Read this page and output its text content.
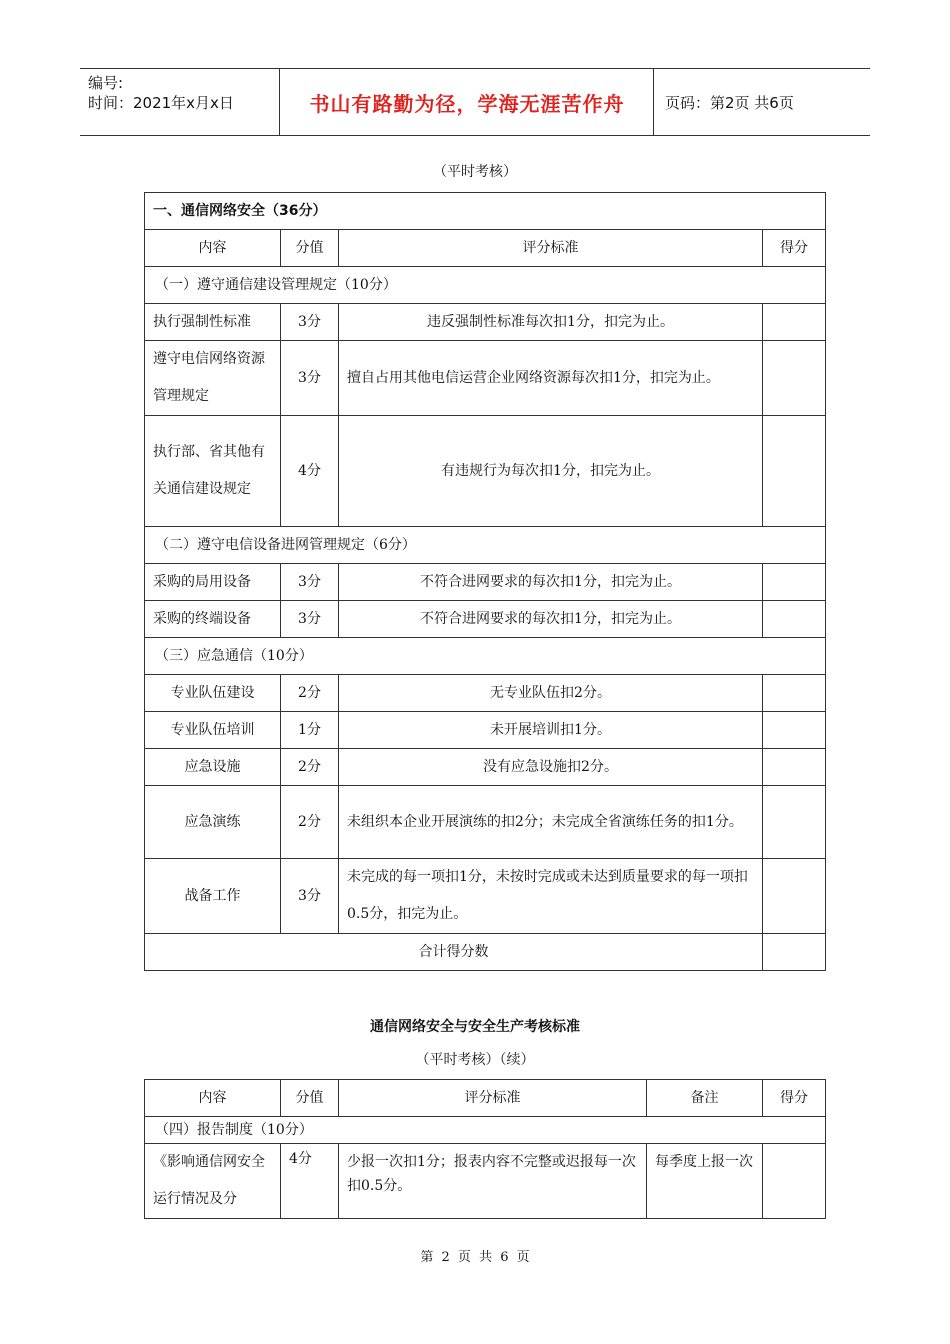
编号:
时间：2021年x月x日	书山有路勤为径，学海无涯苦作舟	页码：第2页 共6页
（平时考核）
一、通信网络安全（36分）			
内容	分值	评分标准	得分
（一）遵守通信建设管理规定（10分）			
执行强制性标准	3分	违反强制性标准每次扣1分，扣完为止。	
遵守电信网络资源管理规定	3分	擅自占用其他电信运营企业网络资源每次扣1分，扣完为止。	
执行部、省其他有关通信建设规定	4分	有违规行为每次扣1分，扣完为止。	
（二）遵守电信设备进网管理规定（6分）			
采购的局用设备	3分	不符合进网要求的每次扣1分，扣完为止。	
采购的终端设备	3分	不符合进网要求的每次扣1分，扣完为止。	
（三）应急通信（10分）			
专业队伍建设	2分	无专业队伍扣2分。	
专业队伍培训	1分	未开展培训扣1分。	
应急设施	2分	没有应急设施扣2分。	
应急演练	2分	未组织本企业开展演练的扣2分；未完成全省演练任务的扣1分。	
战备工作	3分	未完成的每一项扣1分，未按时完成或未达到质量要求的每一项扣0.5分，扣完为止。	
合计得分数			
通信网络安全与安全生产考核标准
（平时考核）（续）
内容	分值	评分标准	备注	得分
（四）报告制度（10分）				
《影响通信网安全运行情况及分	4分	少报一次扣1分；报表内容不完整或迟报每一次扣0.5分。	每季度上报一次	
第 2 页 共 6 页
